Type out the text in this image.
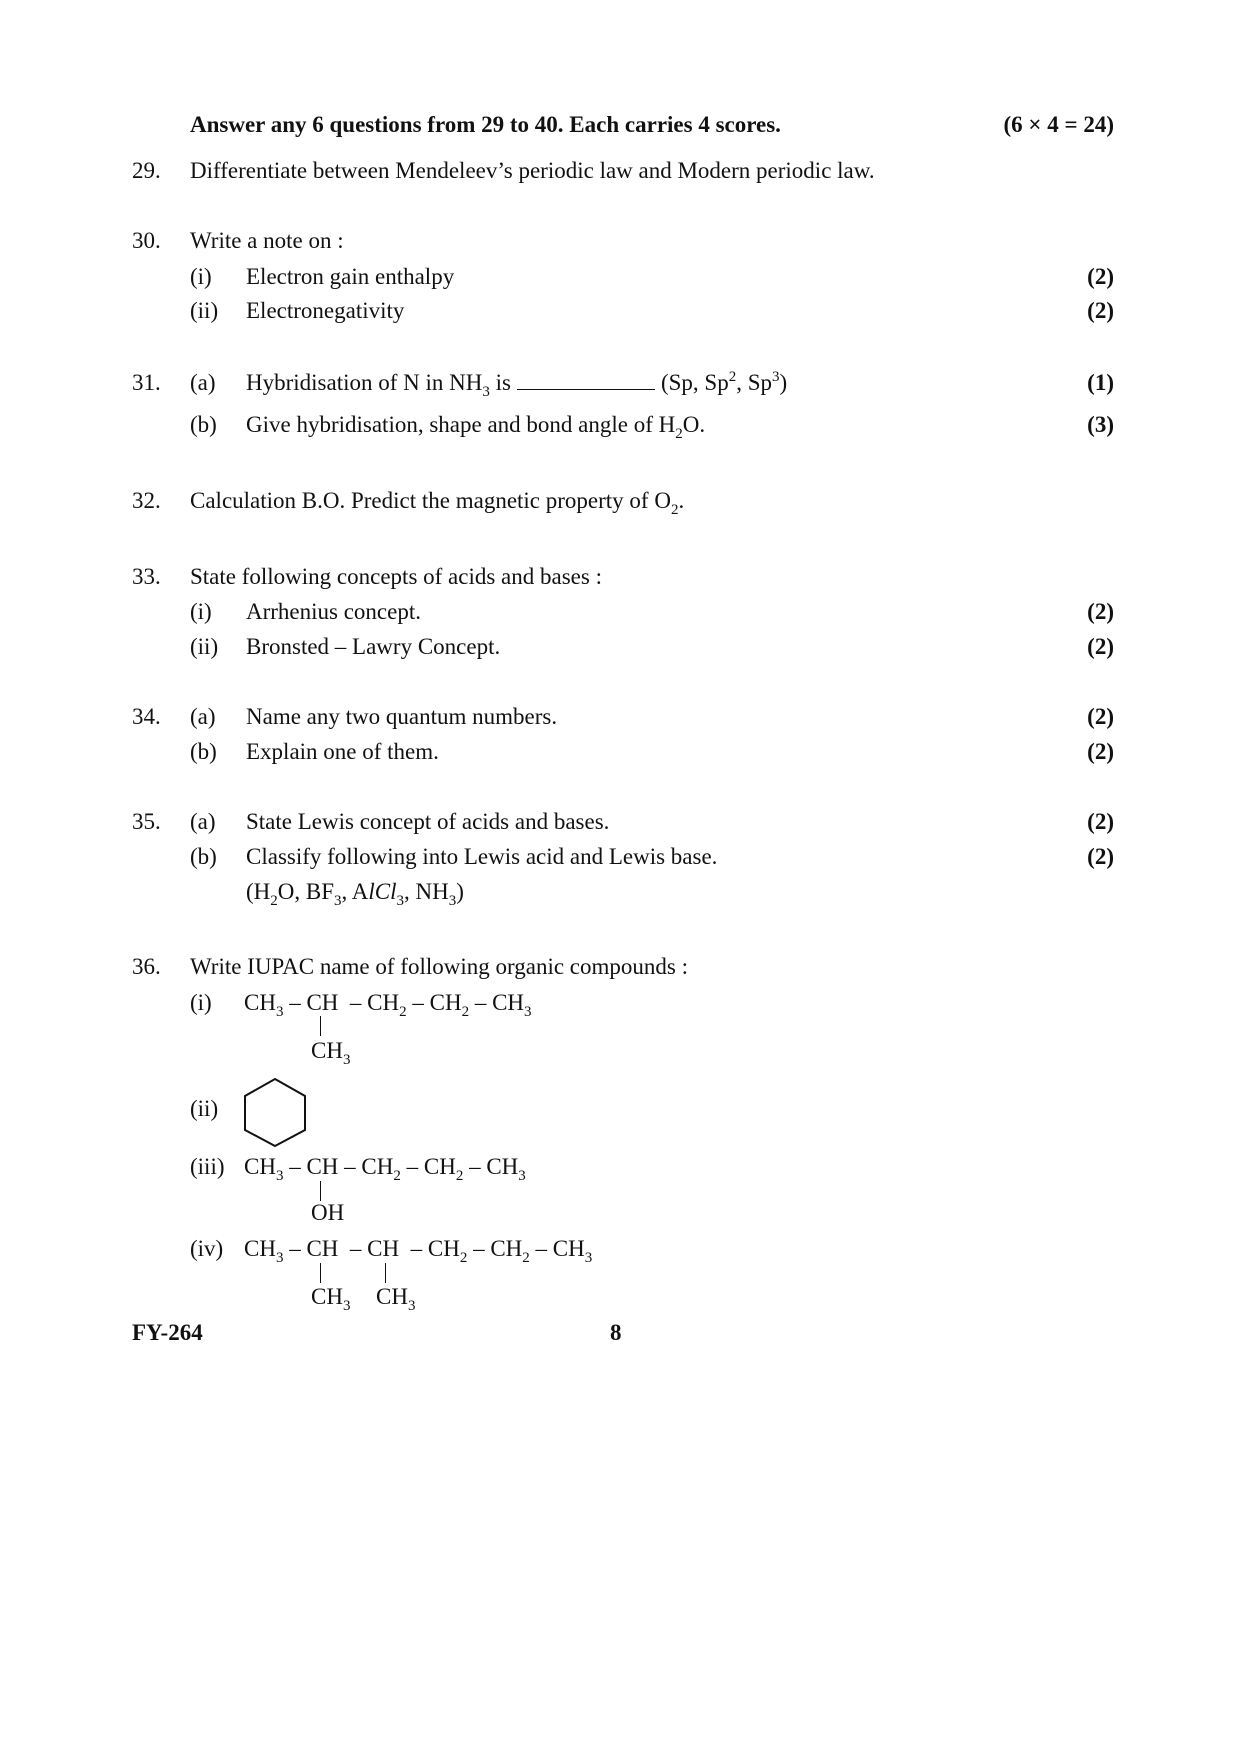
Answer any 6 questions from 29 to 40. Each carries 4 scores.	(6 × 4 = 24)
29. Differentiate between Mendeleev’s periodic law and Modern periodic law.
30. Write a note on :
(i) Electron gain enthalpy	(2)
(ii) Electronegativity	(2)
31. (a) Hybridisation of N in $NH_3$ is	(Sp, Sp$^2$, Sp$^3$)	(1)
(b) Give hybridisation, shape and bond angle of $H_2O$.	(3)
32. Calculation B.O. Predict the magnetic property of $O_2$.
33. State following concepts of acids and bases :
(i) Arrhenius concept.	(2)
(ii) Bronsted – Lawry Concept.	(2)
34. (a) Name any two quantum numbers.	(2)
(b) Explain one of them.	(2)
35. (a) State Lewis concept of acids and bases.	(2)
(b) Classify following into Lewis acid and Lewis base.	(2)
($H_2O$, $BF_3$, AlCl$_3$, $NH_3$)
36. Write IUPAC name of following organic compounds :
(i) $CH_3$ – CH – $CH_2 - CH_2 - CH_3$
$CH_3$
(ii)
(iii) $CH_3$ – CH – $CH_2 - CH_2 - CH_3$
OH
(iv) $CH_3$ – CH – CH – $CH_2 - CH_2 - CH_3$
$CH_3$ $CH_3$
FY-264	8
